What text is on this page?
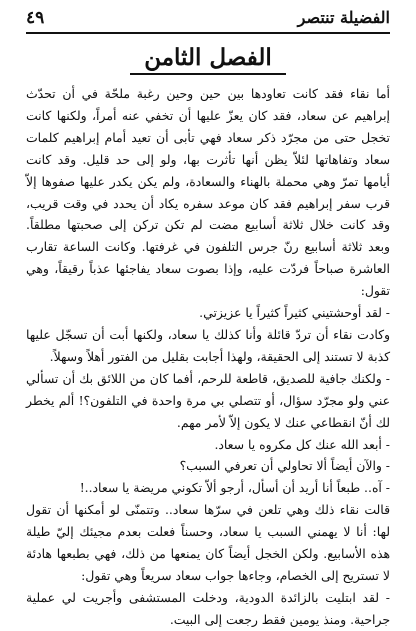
الفضيلة تنتصر
٤٩
الفصل الثامن

أما نقاء فقد كانت تعاودها بين حين وحين رغبة ملحّة في أن تحدّث إبراهيم عن سعاد، فقد كان يعزّ عليها أن تخفي عنه أمراً، ولكنها كانت تخجل حتى من مجرّد ذكر سعاد فهي تأبى أن تعيد أمام إبراهيم كلمات سعاد وتفاهاتها لئلاّ يظن أنها تأثرت بها، ولو إلى حد قليل. وقد كانت أيامها تمرّ وهي محملة بالهناء والسعادة، ولم يكن يكدر عليها صفوها إلاّ قرب سفر إبراهيم فقد كان موعد سفره يكاد أن يحدد في وقت قريب، وقد كانت خلال ثلاثة أسابيع مضت لم تكن تركن إلى صحبتها مطلقاً. وبعد ثلاثة أسابيع رنّ جرس التلفون في غرفتها. وكانت الساعة تقارب العاشرة صباحاً فردّت عليه، وإذا بصوت سعاد يفاجئها عذباً رقيقاً، وهي تقول:

- لقد أوحشتيني كثيراً كثيراً يا عزيزتي.

وكادت نقاء أن تردّ قائلة وأنا كذلك يا سعاد، ولكنها أبت أن تسجّل عليها كذبة لا تستند إلى الحقيقة، ولهذا أجابت بقليل من الفتور أهلاً وسهلاً.

- ولكنك جافية للصديق، قاطعة للرحم، أفما كان من اللائق بك أن تسألي عني ولو مجرّد سؤال، أو تتصلي بي مرة واحدة في التلفون؟! ألم يخطر لك أنّ انقطاعي عنك لا يكون إلاّ لأمر مهم.

- أبعد الله عنك كل مكروه يا سعاد.

- والآن أيضاً ألا تحاولي أن تعرفي السبب؟

- آه.. طبعاً أنا أريد أن أسأل، أرجو ألاّ تكوني مريضة يا سعاد..!

قالت نقاء ذلك وهي تلعن في سرّها سعاد.. وتتمنّى لو أمكنها أن تقول لها: أنا لا يهمني السبب يا سعاد، وحسناً فعلت بعدم مجيئك إليّ طيلة هذه الأسابيع. ولكن الخجل أيضاً كان يمنعها من ذلك، فهي بطبعها هادئة لا تستريح إلى الخصام، وجاءها جواب سعاد سريعاً وهي تقول:

- لقد ابتليت بالزائدة الدودية، ودخلت المستشفى وأجريت لي عملية جراحية. ومنذ يومين فقط رجعت إلى البيت.
